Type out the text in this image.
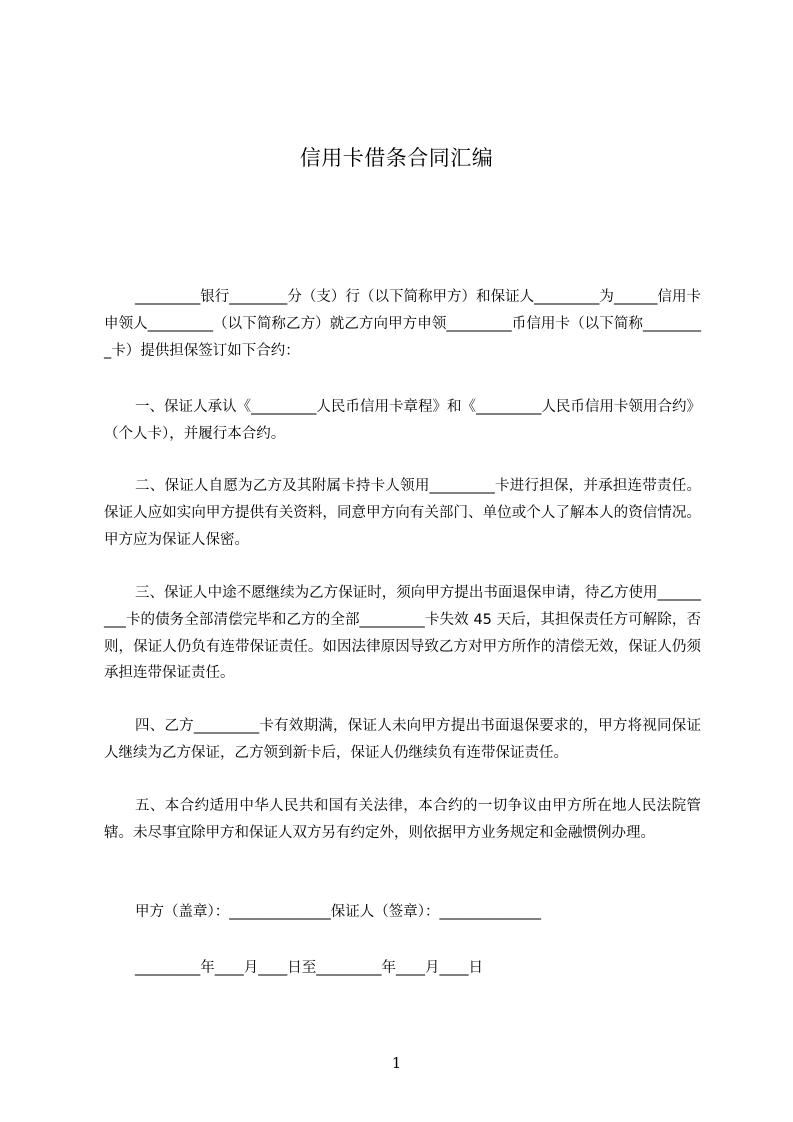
信用卡借条合同汇编
_________银行________分（支）行（以下简称甲方）和保证人_________为______信用卡申领人_________（以下简称乙方）就乙方向甲方申领_________币信用卡（以下简称_________卡）提供担保签订如下合约：
一、保证人承认《_________人民币信用卡章程》和《_________人民币信用卡领用合约》（个人卡），并履行本合约。
二、保证人自愿为乙方及其附属卡持卡人领用_________卡进行担保，并承担连带责任。保证人应如实向甲方提供有关资料，同意甲方向有关部门、单位或个人了解本人的资信情况。甲方应为保证人保密。
三、保证人中途不愿继续为乙方保证时，须向甲方提出书面退保申请，待乙方使用_________卡的债务全部清偿完毕和乙方的全部_________卡失效 45 天后，其担保责任方可解除，否则，保证人仍负有连带保证责任。如因法律原因导致乙方对甲方所作的清偿无效，保证人仍须承担连带保证责任。
四、乙方_________卡有效期满，保证人未向甲方提出书面退保要求的，甲方将视同保证人继续为乙方保证，乙方领到新卡后，保证人仍继续负有连带保证责任。
五、本合约适用中华人民共和国有关法律，本合约的一切争议由甲方所在地人民法院管辖。未尽事宜除甲方和保证人双方另有约定外，则依据甲方业务规定和金融惯例办理。
甲方（盖章）：______________保证人（签章）：______________
_________年____月____日至_________年____月____日
1
